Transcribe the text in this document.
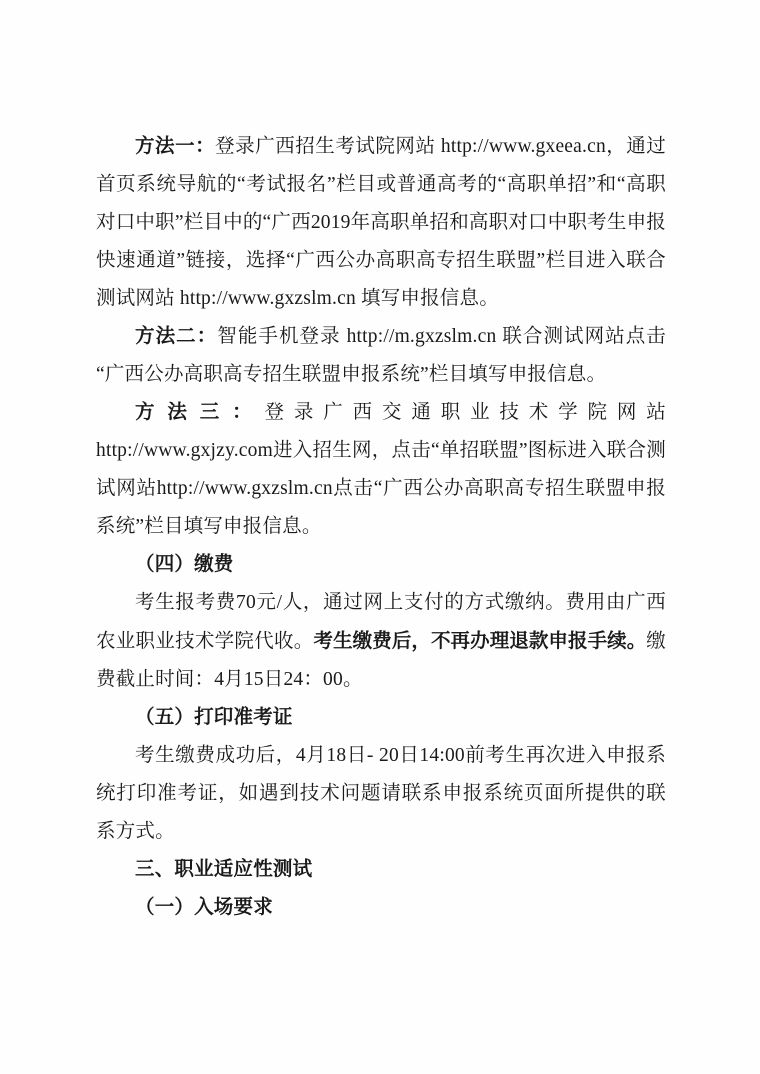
方法一：登录广西招生考试院网站 http://www.gxeea.cn，通过首页系统导航的“考试报名”栏目或普通高考的“高职单招”和“高职对口中职”栏目中的“广西2019年高职单招和高职对口中职考生申报快速通道”链接，选择“广西公办高职高专招生联盟”栏目进入联合测试网站 http://www.gxzslm.cn 填写申报信息。

方法二：智能手机登录 http://m.gxzslm.cn 联合测试网站点击“广西公办高职高专招生联盟申报系统”栏目填写申报信息。

方法三：登录广西交通职业技术学院网站 http://www.gxjzy.com进入招生网，点击“单招联盟”图标进入联合测试网站http://www.gxzslm.cn点击“广西公办高职高专招生联盟申报系统”栏目填写申报信息。

（四）缴费

考生报考费70元/人，通过网上支付的方式缴纳。费用由广西农业职业技术学院代收。考生缴费后，不再办理退款申报手续。缴费截止时间：4月15日24：00。

（五）打印准考证

考生缴费成功后，4月18日- 20日14:00前考生再次进入申报系统打印准考证，如遇到技术问题请联系申报系统页面所提供的联系方式。

三、职业适应性测试

（一）入场要求
